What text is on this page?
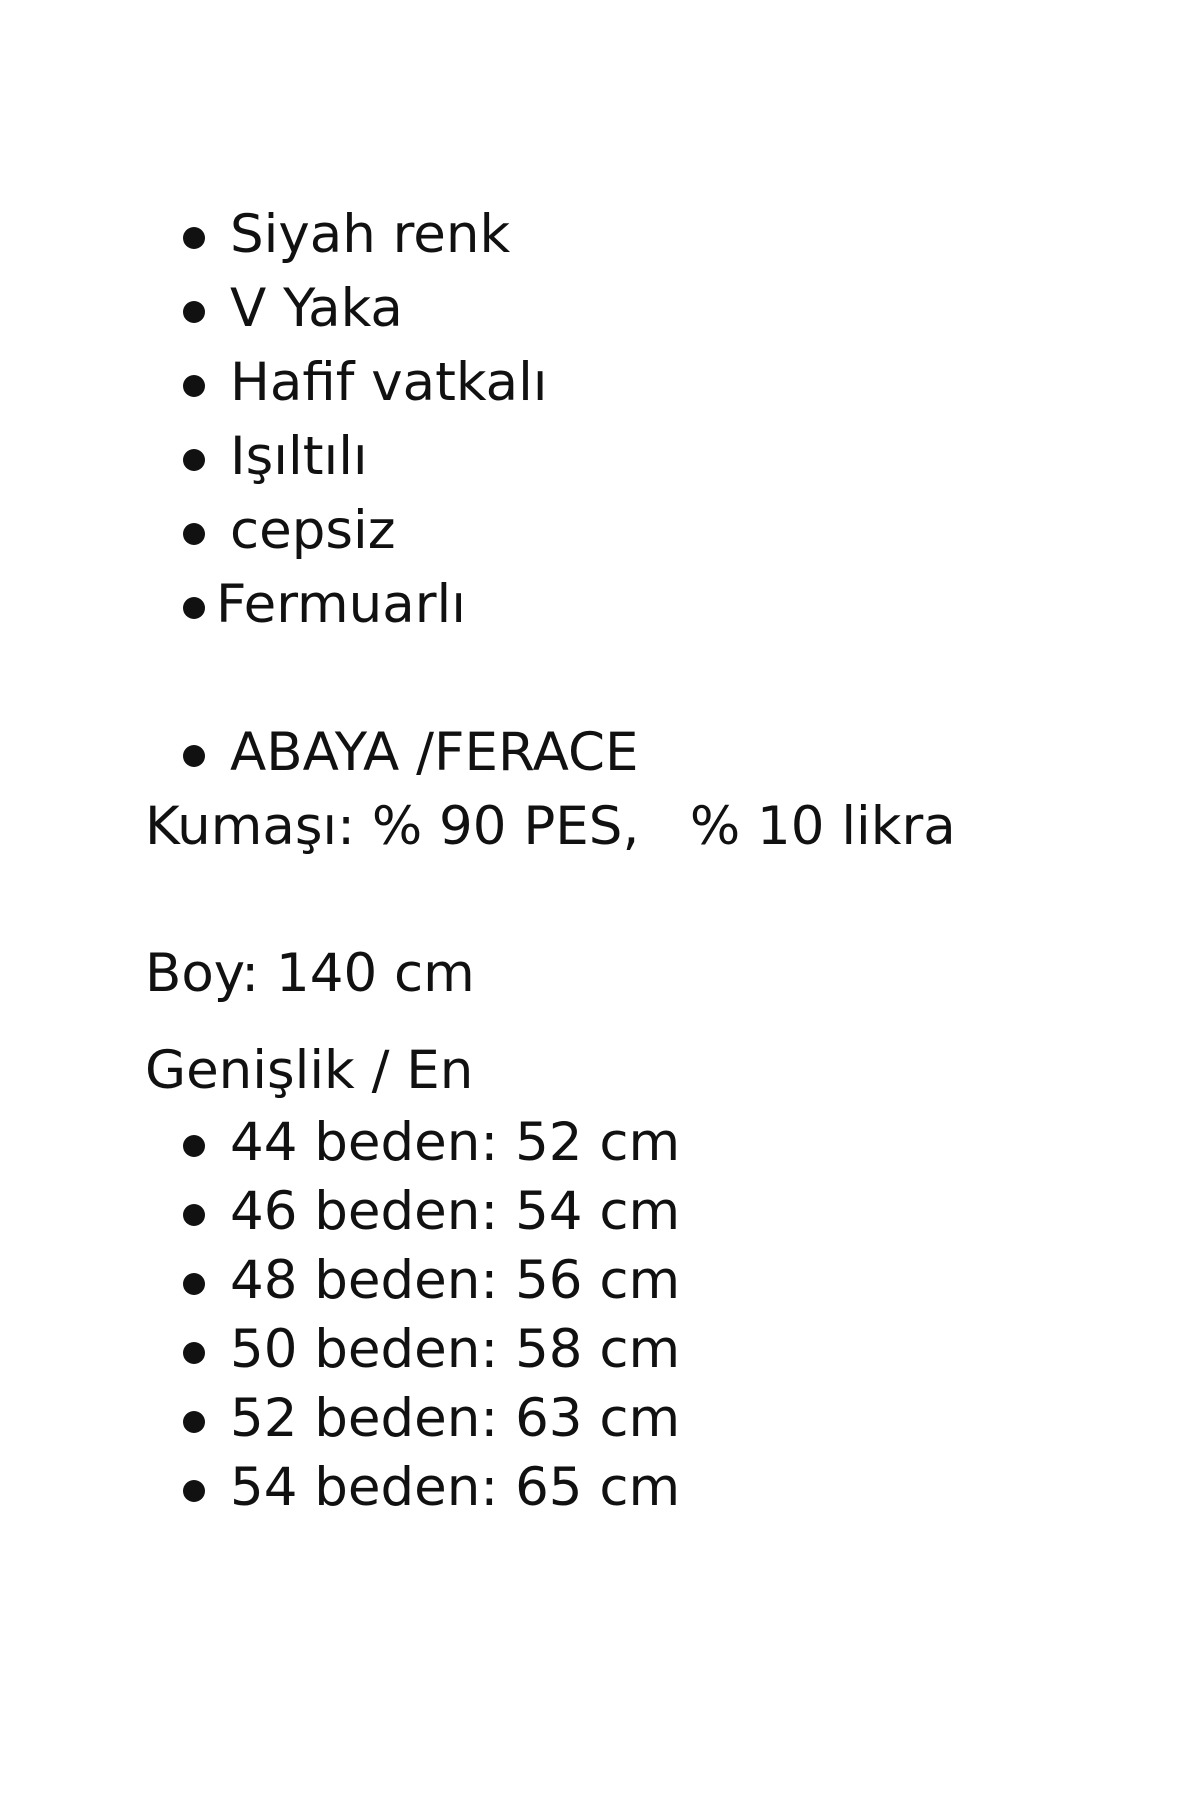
Siyah renk

V Yaka

Hafif vatkalı

Işıltılı

cepsiz

Fermuarlı

ABAYA /FERACE

Kumaşı: % 90 PES,   % 10 likra
Boy: 140 cm
Genişlik / En

44 beden: 52 cm

46 beden: 54 cm

48 beden: 56 cm

50 beden: 58 cm

52 beden: 63 cm

54 beden: 65 cm
